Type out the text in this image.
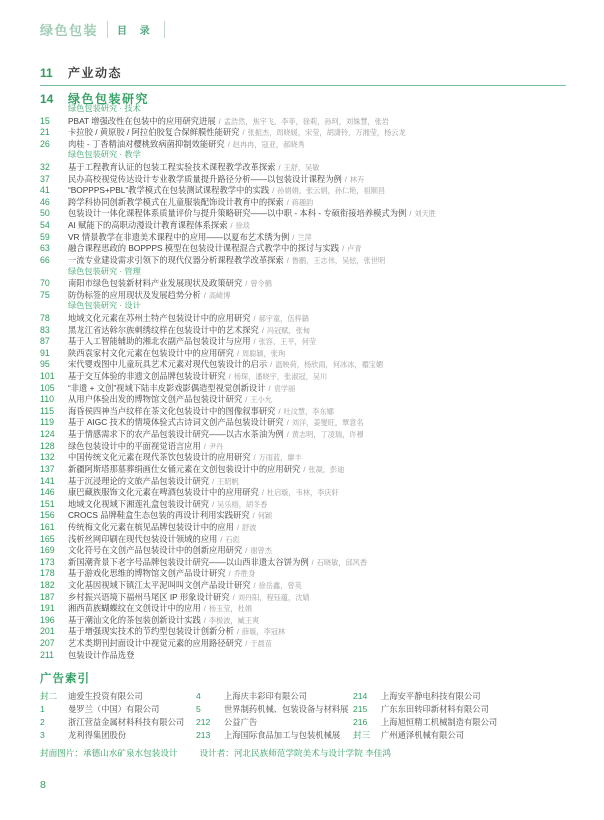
绿色包装 目 录
11	产业动态
14	绿色包装研究
绿色包装研究 · 技术
15	PBAT 增强改性在包装中的应用研究进展 / 孟浩然，焦宇飞，李菲，徐莉，孙珂，刘姝慧，张岩
21	卡拉胶 / 黄原胶 / 阿拉伯胶复合保鲜膜性能研究 / 张振杰，周晓媛，宋莹，胡潇铃，万湘莹，杨云龙
26	肉桂 - 丁香精油对樱桃致病菌抑制效能研究 / 赵冉冉，寇亚，郝晓秀
绿色包装研究 · 教学
32	基于工程教育认证的包装工程实验技术课程教学改革探索 / 王舒，吴敏
37	民办高校视觉传达设计专业教学质量提升路径分析——以包装设计课程为例 / 林卉
41	“BOPPPS+PBL”教学模式在包装测试课程教学中的实践 / 孙娟娟，张云娟，孙仁艳，祖顺昌
46	跨学科协同创新教学模式在儿童服装配饰设计教育中的探索 / 蒋趣韵
50	包装设计一体化课程体系质量评价与提升策略研究——以中职 - 本科 - 专硕衔接培养模式为例 / 刘天胜
54	AI 赋能下的高职动漫设计教育课程体系探索 / 徐琰
59	VR 情景教学在非遗美术课程中的应用——以夏布艺术绣为例 / 兰萍
63	融合课程思政的 BOPPPS 模型在包装设计课程混合式教学中的探讨与实践 / 卢青
66	一流专业建设需求引领下的现代仪器分析课程教学改革探索 / 鲁鹏，王志伟，吴铉，张世明
绿色包装研究 · 管理
70	南阳市绿色包装新材料产业发展现状及政策研究 / 曾令鹤
75	防伪标签的应用现状及发展趋势分析 / 高崎博
绿色包装研究 · 设计
78	地域文化元素在苏州土特产包装设计中的应用研究 / 郝宇童，伍梓鹟
83	黑龙江省达斡尔族刺绣纹样在包装设计中的艺术探究 / 冯冠赋，张甸
87	基于人工智能辅助的湘北农副产品包装设计与应用 / 张容，王平，何莹
91	陕西袁家村文化元素在包装设计中的应用研究 / 周聪颖，张珣
95	宋代婴戏图中儿童玩具艺术元素对现代包装设计的启示 / 温映荷，杨欣雨，何冰冰，禤宝媚
101	基于交互体验的非遗文创品牌包装设计研究 / 杨琛，潘晓宇，张淑冠，吴川
105	“非遗 + 文创”视域下陆丰皮影戏影偶造型视觉创新设计 / 袁学丽
110	从用户体验出发的博物馆文创产品包装设计研究 / 王小允
115	海昏侯四神当卢纹样在茶文化包装设计中的图像叙事研究 / 吐汶慧，李东娜
119	基于 AIGC 技术的情境体验式古诗词文创产品包装设计研究 / 刘洋，姜燮旺，覃意名
124	基于情感需求下的农产品包装设计研究——以古水茶油为例 / 黄志明，丁凌瑞，许穆
128	绿色包装设计中的平面视觉语言应用 / 尹丹
132	中国传统文化元素在现代茶饮包装设计的应用研究 / 万雨蓝，廖丰
137	新疆阿斯塔那墓葬绢画仕女俑元素在文创包装设计中的应用研究 / 张凝，彭迪
141	基于沉浸理论的文旅产品包装设计研究 / 王昭帆
146	康巴藏族服饰文化元素在啤酒包装设计中的应用研究 / 杜启璇，韦林，李庆轩
151	地域文化视域下湘莲礼盒包装设计研究 / 吴乐榕，胡冬香
156	CROCS 品牌鞋盒生态包装的再设计利用实践研究 / 何颖
161	传统梅文化元素在槟见品牌包装设计中的应用 / 舒波
165	浅析丝网印刷在现代包装设计领域的应用 / 石彪
169	文化符号在文创产品包装设计中的创新应用研究 / 谢曾杰
173	新国潮背景下老字号品牌包装设计研究——以山西非遗太谷饼为例 / 石晓敏，邱风香
178	基于游戏化思维的博物馆文创产品设计研究 / 乔胜身
182	文化基因视域下镇江太平泥叫叫文创产品设计研究 / 徐岳鑫，曾英
187	乡村振兴语境下福州马尾区 IP 形象设计研究 / 刘丹阳，程钰蕴，沈婧
191	湘西苗族蝴蝶纹在文创设计中的应用 / 杨玉莹，杜娟
196	基于潮汕文化的茶包装创新设计实践 / 李极波，臧王爽
201	基于增强现实技术的节约型包装设计创新分析 / 薛璇，李冠林
207	艺术类期刊封面设计中视觉元素的应用路径研究 / 于晨苗
211	包装设计作品选登
广告索引
封二	迪爱生投资有限公司
1	曼罗兰（中国）有限公司
2	浙江营益金属材料科技有限公司
3	龙利得集团股份
4	上海庆丰彩印有限公司
5	世界制药机械、包装设备与材料展
212	公益广告
213	上海国际食品加工与包装机械展
214	上海安平静电科技有限公司
215	广东东田转印新材料有限公司
216	上海旭恒精工机械制造有限公司
封三	广州通泽机械有限公司
封面图片：承德山水矿泉水包装设计	设计者：河北民族师范学院美术与设计学院 李佳鸿
8
